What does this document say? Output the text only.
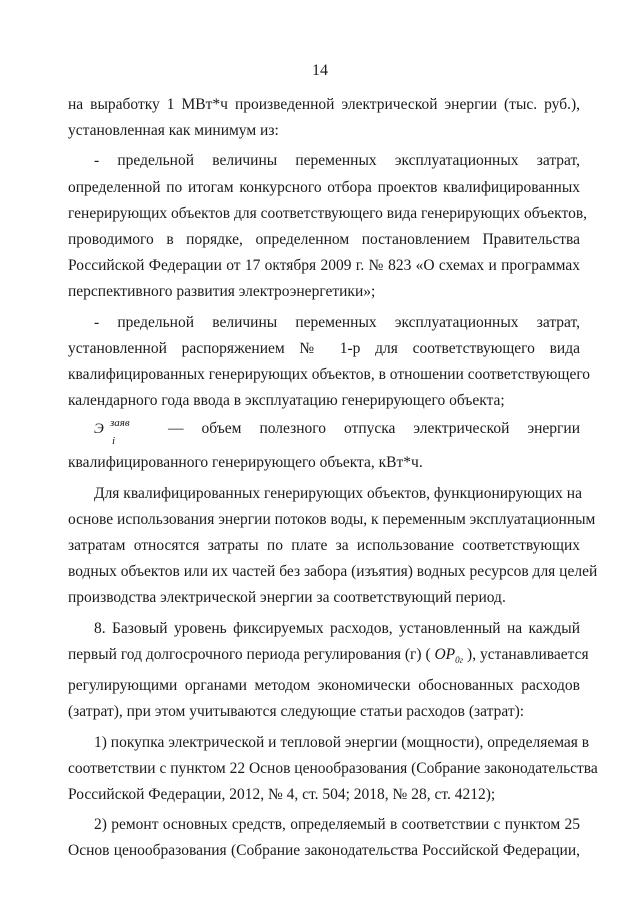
14
на выработку 1 МВт*ч произведенной электрической энергии (тыс. руб.),
установленная как минимум из:
- предельной величины переменных эксплуатационных затрат,
определенной по итогам конкурсного отбора проектов квалифицированных
генерирующих объектов для соответствующего вида генерирующих объектов,
проводимого в порядке, определенном постановлением Правительства
Российской Федерации от 17 октября 2009 г. № 823 «О схемах и программах
перспективного развития электроэнергетики»;
- предельной величины переменных эксплуатационных затрат,
установленной распоряжением № 1-р для соответствующего вида
квалифицированных генерирующих объектов, в отношении соответствующего
календарного года ввода в эксплуатацию генерирующего объекта;
Э заяв
i
— объем полезного отпуска электрической энергии
квалифицированного генерирующего объекта, кВт*ч.
Для квалифицированных генерирующих объектов, функционирующих на
основе использования энергии потоков воды, к переменным эксплуатационным
затратам относятся затраты по плате за использование соответствующих
водных объектов или их частей без забора (изъятия) водных ресурсов для целей
производства электрической энергии за соответствующий период.
8. Базовый уровень фиксируемых расходов, установленный на каждый
первый год долгосрочного периода регулирования (г) ( $OP_{0г}$ ), устанавливается
регулирующими органами методом экономически обоснованных расходов
(затрат), при этом учитываются следующие статьи расходов (затрат):
1) покупка электрической и тепловой энергии (мощности), определяемая в
соответствии с пунктом 22 Основ ценообразования (Собрание законодательства
Российской Федерации, 2012, № 4, ст. 504; 2018, № 28, ст. 4212);
2) ремонт основных средств, определяемый в соответствии с пунктом 25
Основ ценообразования (Собрание законодательства Российской Федерации,
